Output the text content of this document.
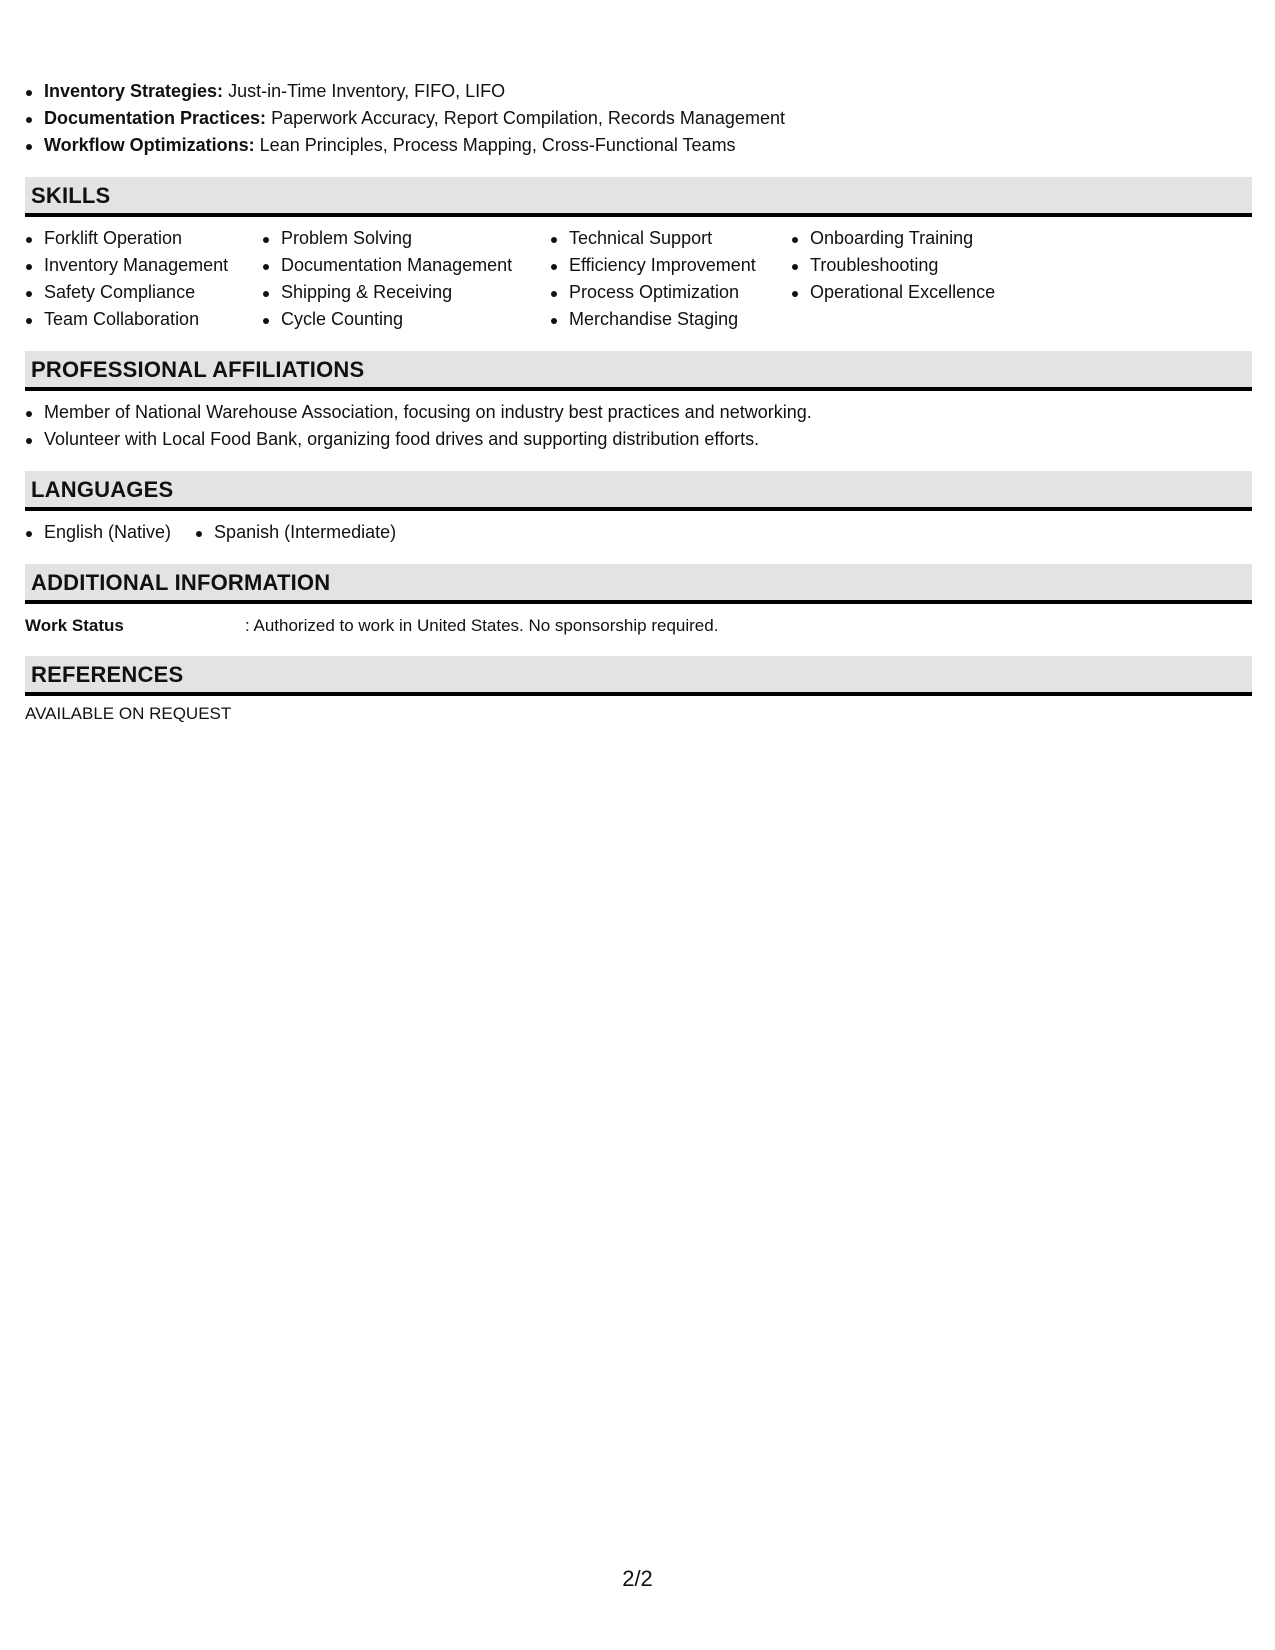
Inventory Strategies: Just-in-Time Inventory, FIFO, LIFO
Documentation Practices: Paperwork Accuracy, Report Compilation, Records Management
Workflow Optimizations: Lean Principles, Process Mapping, Cross-Functional Teams
SKILLS
Forklift Operation
Inventory Management
Safety Compliance
Team Collaboration
Problem Solving
Documentation Management
Shipping & Receiving
Cycle Counting
Technical Support
Efficiency Improvement
Process Optimization
Merchandise Staging
Onboarding Training
Troubleshooting
Operational Excellence
PROFESSIONAL AFFILIATIONS
Member of National Warehouse Association, focusing on industry best practices and networking.
Volunteer with Local Food Bank, organizing food drives and supporting distribution efforts.
LANGUAGES
English (Native)	Spanish (Intermediate)
ADDITIONAL INFORMATION
Work Status	: Authorized to work in United States. No sponsorship required.
REFERENCES
AVAILABLE ON REQUEST
2/2
